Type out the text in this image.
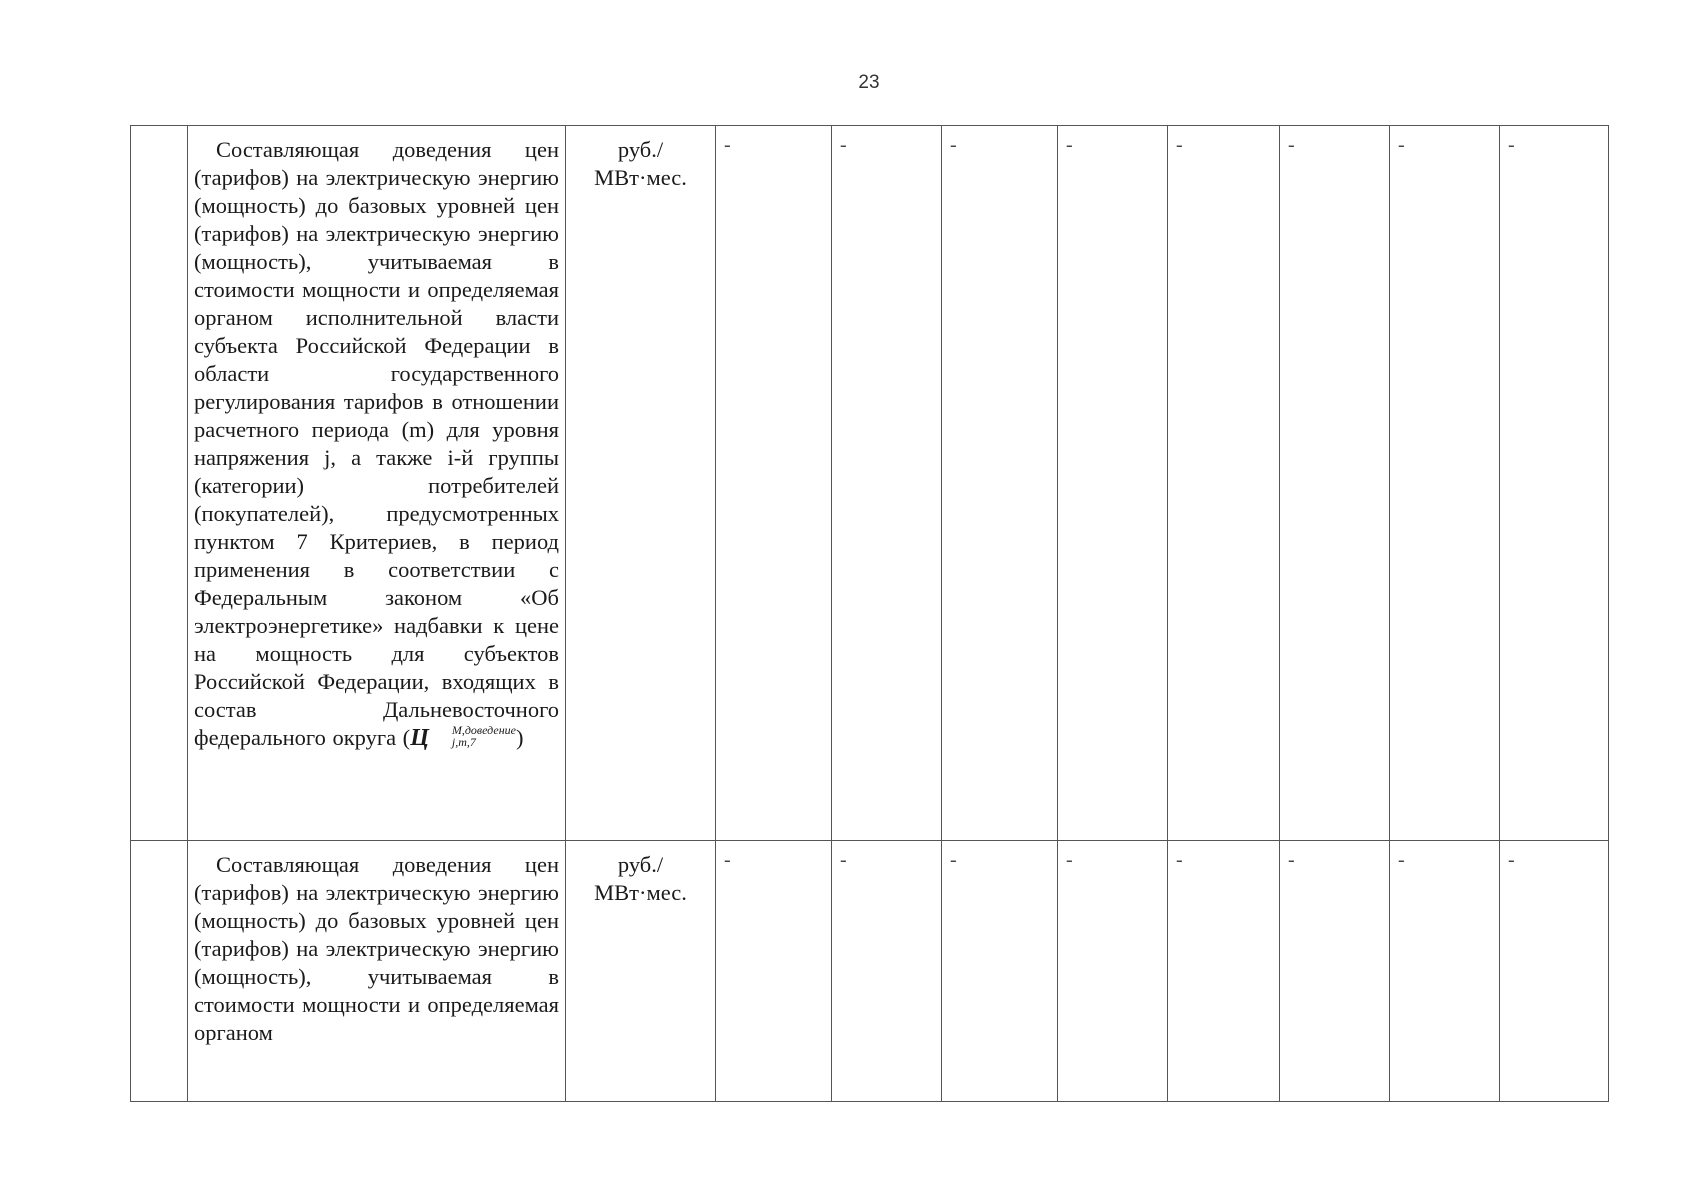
23

	Составляющая доведения цен (тарифов) на электрическую энергию (мощность) до базовых уровней цен (тарифов) на электрическую энергию (мощность), учитываемая в стоимости мощности и определяемая органом исполнительной власти субъекта Российской Федерации в области государственного регулирования тарифов в отношении расчетного периода (m) для уровня напряжения j, а также i-й группы (категории) потребителей (покупателей), предусмотренных пунктом 7 Критериев, в период применения в соответствии с Федеральным законом «Об электроэнергетике» надбавки к цене на мощность для субъектов Российской Федерации, входящих в состав Дальневосточного федерального округа (Ц M,доведение
j,m,7 )	руб./ МВт·мес.	-	-	-	-	-	-	-	-

	Составляющая доведения цен (тарифов) на электрическую энергию (мощность) до базовых уровней цен (тарифов) на электрическую энергию (мощность), учитываемая в стоимости мощности и определяемая органом	руб./ МВт·мес.	-	-	-	-	-	-	-	-
